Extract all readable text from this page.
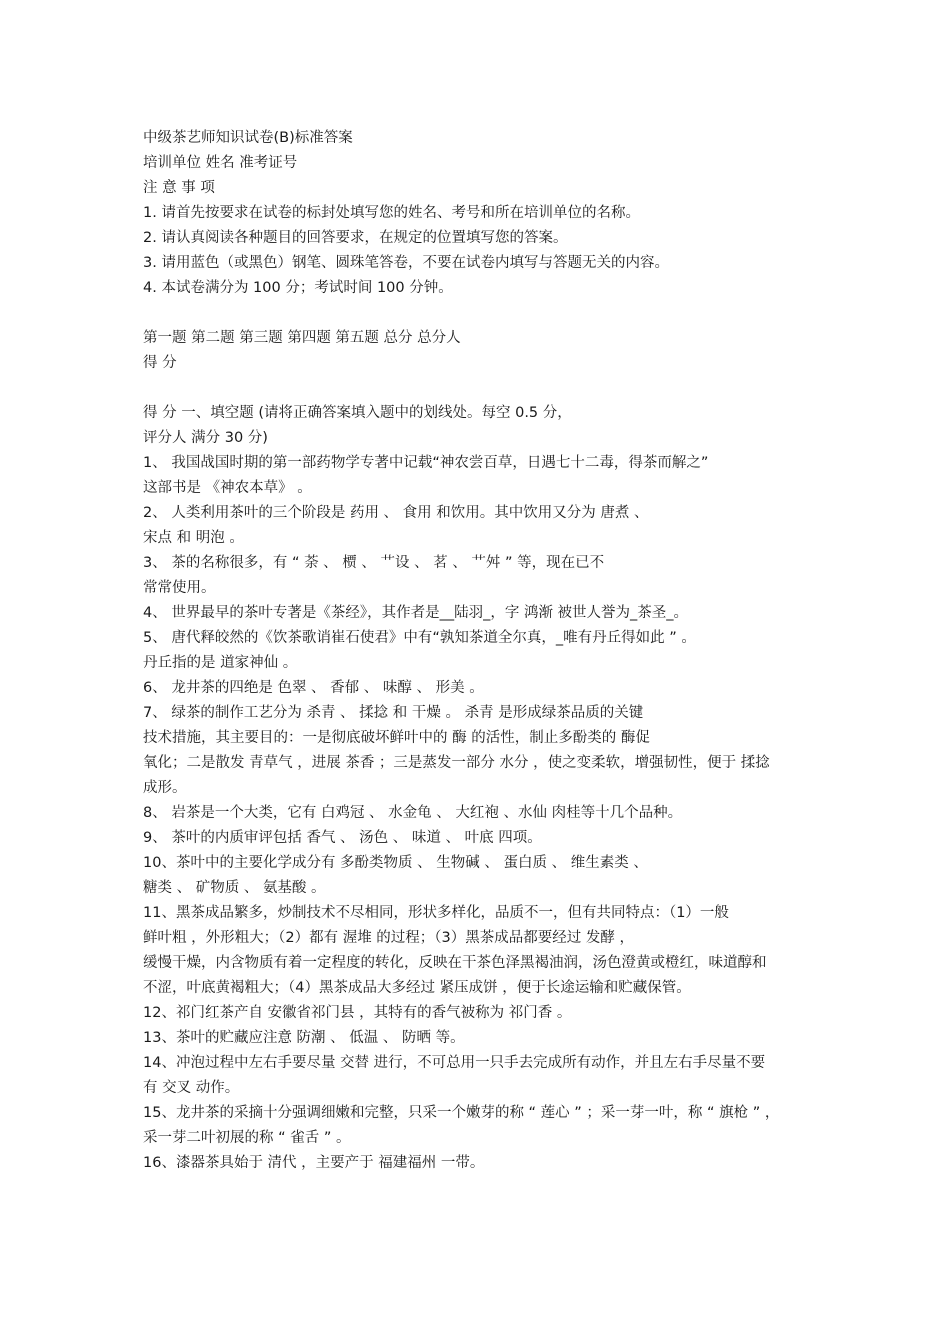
中级茶艺师知识试卷(B)标准答案
培训单位 姓名 准考证号
注 意 事 项
1. 请首先按要求在试卷的标封处填写您的姓名、考号和所在培训单位的名称。
2. 请认真阅读各种题目的回答要求，在规定的位置填写您的答案。
3. 请用蓝色（或黑色）钢笔、圆珠笔答卷，不要在试卷内填写与答题无关的内容。
4. 本试卷满分为 100 分；考试时间 100 分钟。
第一题 第二题 第三题 第四题 第五题 总分 总分人
得 分
得 分 一、填空题 (请将正确答案填入题中的划线处。每空 0.5 分，
评分人 满分 30 分)
1、 我国战国时期的第一部药物学专著中记载“神农尝百草，日遇七十二毒，得茶而解之”
这部书是 《神农本草》 。
2、 人类利用茶叶的三个阶段是 药用 、 食用 和饮用。其中饮用又分为 唐煮 、
宋点 和 明泡 。
3、 茶的名称很多，有 “ 荼 、 槚 、 艹设 、 茗 、 艹舛 ” 等，现在已不
常常使用。
4、 世界最早的茶叶专著是《茶经》，其作者是__陆羽_，字 鸿渐 被世人誉为_茶圣_。
5、 唐代释皎然的《饮茶歌诮崔石使君》中有“孰知茶道全尔真，_唯有丹丘得如此 ” 。
丹丘指的是 道家神仙 。
6、 龙井茶的四绝是 色翠 、 香郁 、 味醇 、 形美 。
7、 绿茶的制作工艺分为 杀青 、 揉捻 和 干燥 。 杀青 是形成绿茶品质的关键
技术措施，其主要目的：一是彻底破坏鲜叶中的 酶 的活性，制止多酚类的 酶促
氧化；二是散发 青草气 ，进展 茶香 ；三是蒸发一部分 水分 ，使之变柔软，增强韧性，便于 揉捻
成形。
8、 岩茶是一个大类，它有 白鸡冠 、 水金龟 、 大红袍 、水仙 肉桂等十几个品种。
9、 茶叶的内质审评包括 香气 、 汤色 、 味道 、 叶底 四项。
10、茶叶中的主要化学成分有 多酚类物质 、 生物碱 、 蛋白质 、 维生素类 、
糖类 、 矿物质 、 氨基酸 。
11、黑茶成品繁多，炒制技术不尽相同，形状多样化，品质不一，但有共同特点：（1）一般
鲜叶粗 ，外形粗大；（2）都有 渥堆 的过程；（3）黑茶成品都要经过 发酵 ，
缓慢干燥，内含物质有着一定程度的转化，反映在干茶色泽黑褐油润，汤色澄黄或橙红，味道醇和
不涩，叶底黄褐粗大；（4）黑茶成品大多经过 紧压成饼 ，便于长途运输和贮藏保管。
12、祁门红茶产自 安徽省祁门县 ，其特有的香气被称为 祁门香 。
13、茶叶的贮藏应注意 防潮 、 低温 、 防晒 等。
14、冲泡过程中左右手要尽量 交替 进行，不可总用一只手去完成所有动作，并且左右手尽量不要
有 交叉 动作。
15、龙井茶的采摘十分强调细嫩和完整，只采一个嫩芽的称 “ 莲心 ” ；采一芽一叶，称 “ 旗枪 ” ，
采一芽二叶初展的称 “ 雀舌 ” 。
16、漆器茶具始于 清代 ，主要产于 福建福州 一带。
